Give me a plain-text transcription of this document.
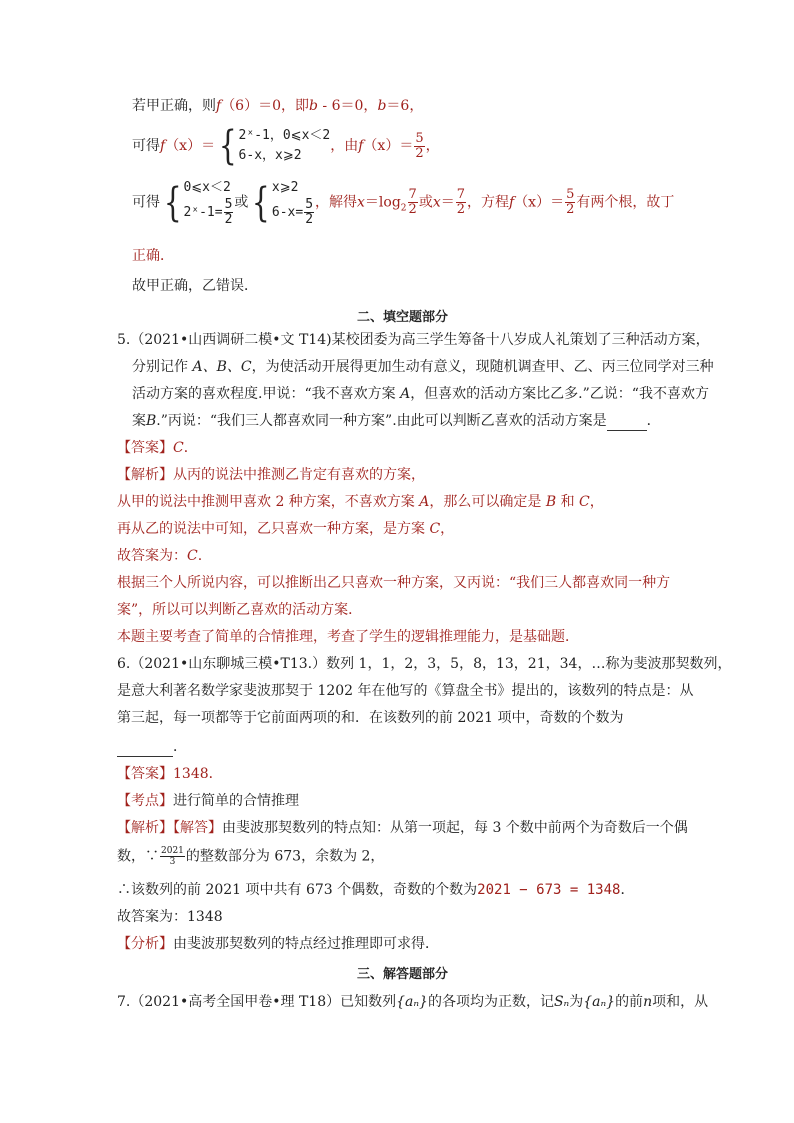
若甲正确，则f（6）＝0，即b - 6＝0，b＝6，
可得f（x）＝{ 2ˣ-1，0⩽x＜2
6-x，x⩾2
，由$f(x)= \frac{5}{2}$ ，
可得{ 0⩽x＜2
2ˣ-1= $\frac{5}{2}$ 或{ x⩾2
$6-x= \frac{5}{2}$ ，解得$x=\log_2 \frac{7}{2}$ 或$x= \frac{7}{2}$ ，方程$f(x)= \frac{5}{2}$ 有两个根，故丁
正确．
故甲正确，乙错误．
二、填空题部分
5.（2021•山西调研二模•文 T14)某校团委为高三学生筹备十八岁成人礼策划了三种活动方案，
分别记作 A、B、C，为使活动开展得更加生动有意义，现随机调查甲、乙、丙三位同学对三种
活动方案的喜欢程度.甲说：“我不喜欢方案 A，但喜欢的活动方案比乙多.”乙说：“我不喜欢方
案B.”丙说：“我们三人都喜欢同一种方案”.由此可以判断乙喜欢的活动方案是	．
【答案】C．
【解析】从丙的说法中推测乙肯定有喜欢的方案，
从甲的说法中推测甲喜欢 2 种方案，不喜欢方案 A，那么可以确定是 B 和 C，
再从乙的说法中可知，乙只喜欢一种方案，是方案 C，
故答案为：C.
根据三个人所说内容，可以推断出乙只喜欢一种方案，又丙说：“我们三人都喜欢同一种方
案”，所以可以判断乙喜欢的活动方案．
本题主要考查了简单的合情推理，考查了学生的逻辑推理能力，是基础题．
6.（2021•山东聊城三模•T13.）数列 1，1，2，3，5，8，13，21，34，…称为斐波那契数列，
是意大利著名数学家斐波那契于 1202 年在他写的《算盘全书》提出的，该数列的特点是：从
第三起，每一项都等于它前面两项的和．在该数列的前 2021 项中，奇数的个数为
．
【答案】1348．
【考点】进行简单的合情推理
【解析】【解答】由斐波那契数列的特点知：从第一项起，每 3 个数中前两个为奇数后一个偶
数，∵ $\frac{2021}{3}$ 的整数部分为 673，余数为 2，
∴该数列的前 2021 项中共有 673 个偶数，奇数的个数为2021 − 673 = 1348．
故答案为：1348
【分析】由斐波那契数列的特点经过推理即可求得．
三、解答题部分
7.（2021•高考全国甲卷•理 T18）已知数列{aₙ}的各项均为正数，记Sₙ为{aₙ}的前n项和，从
